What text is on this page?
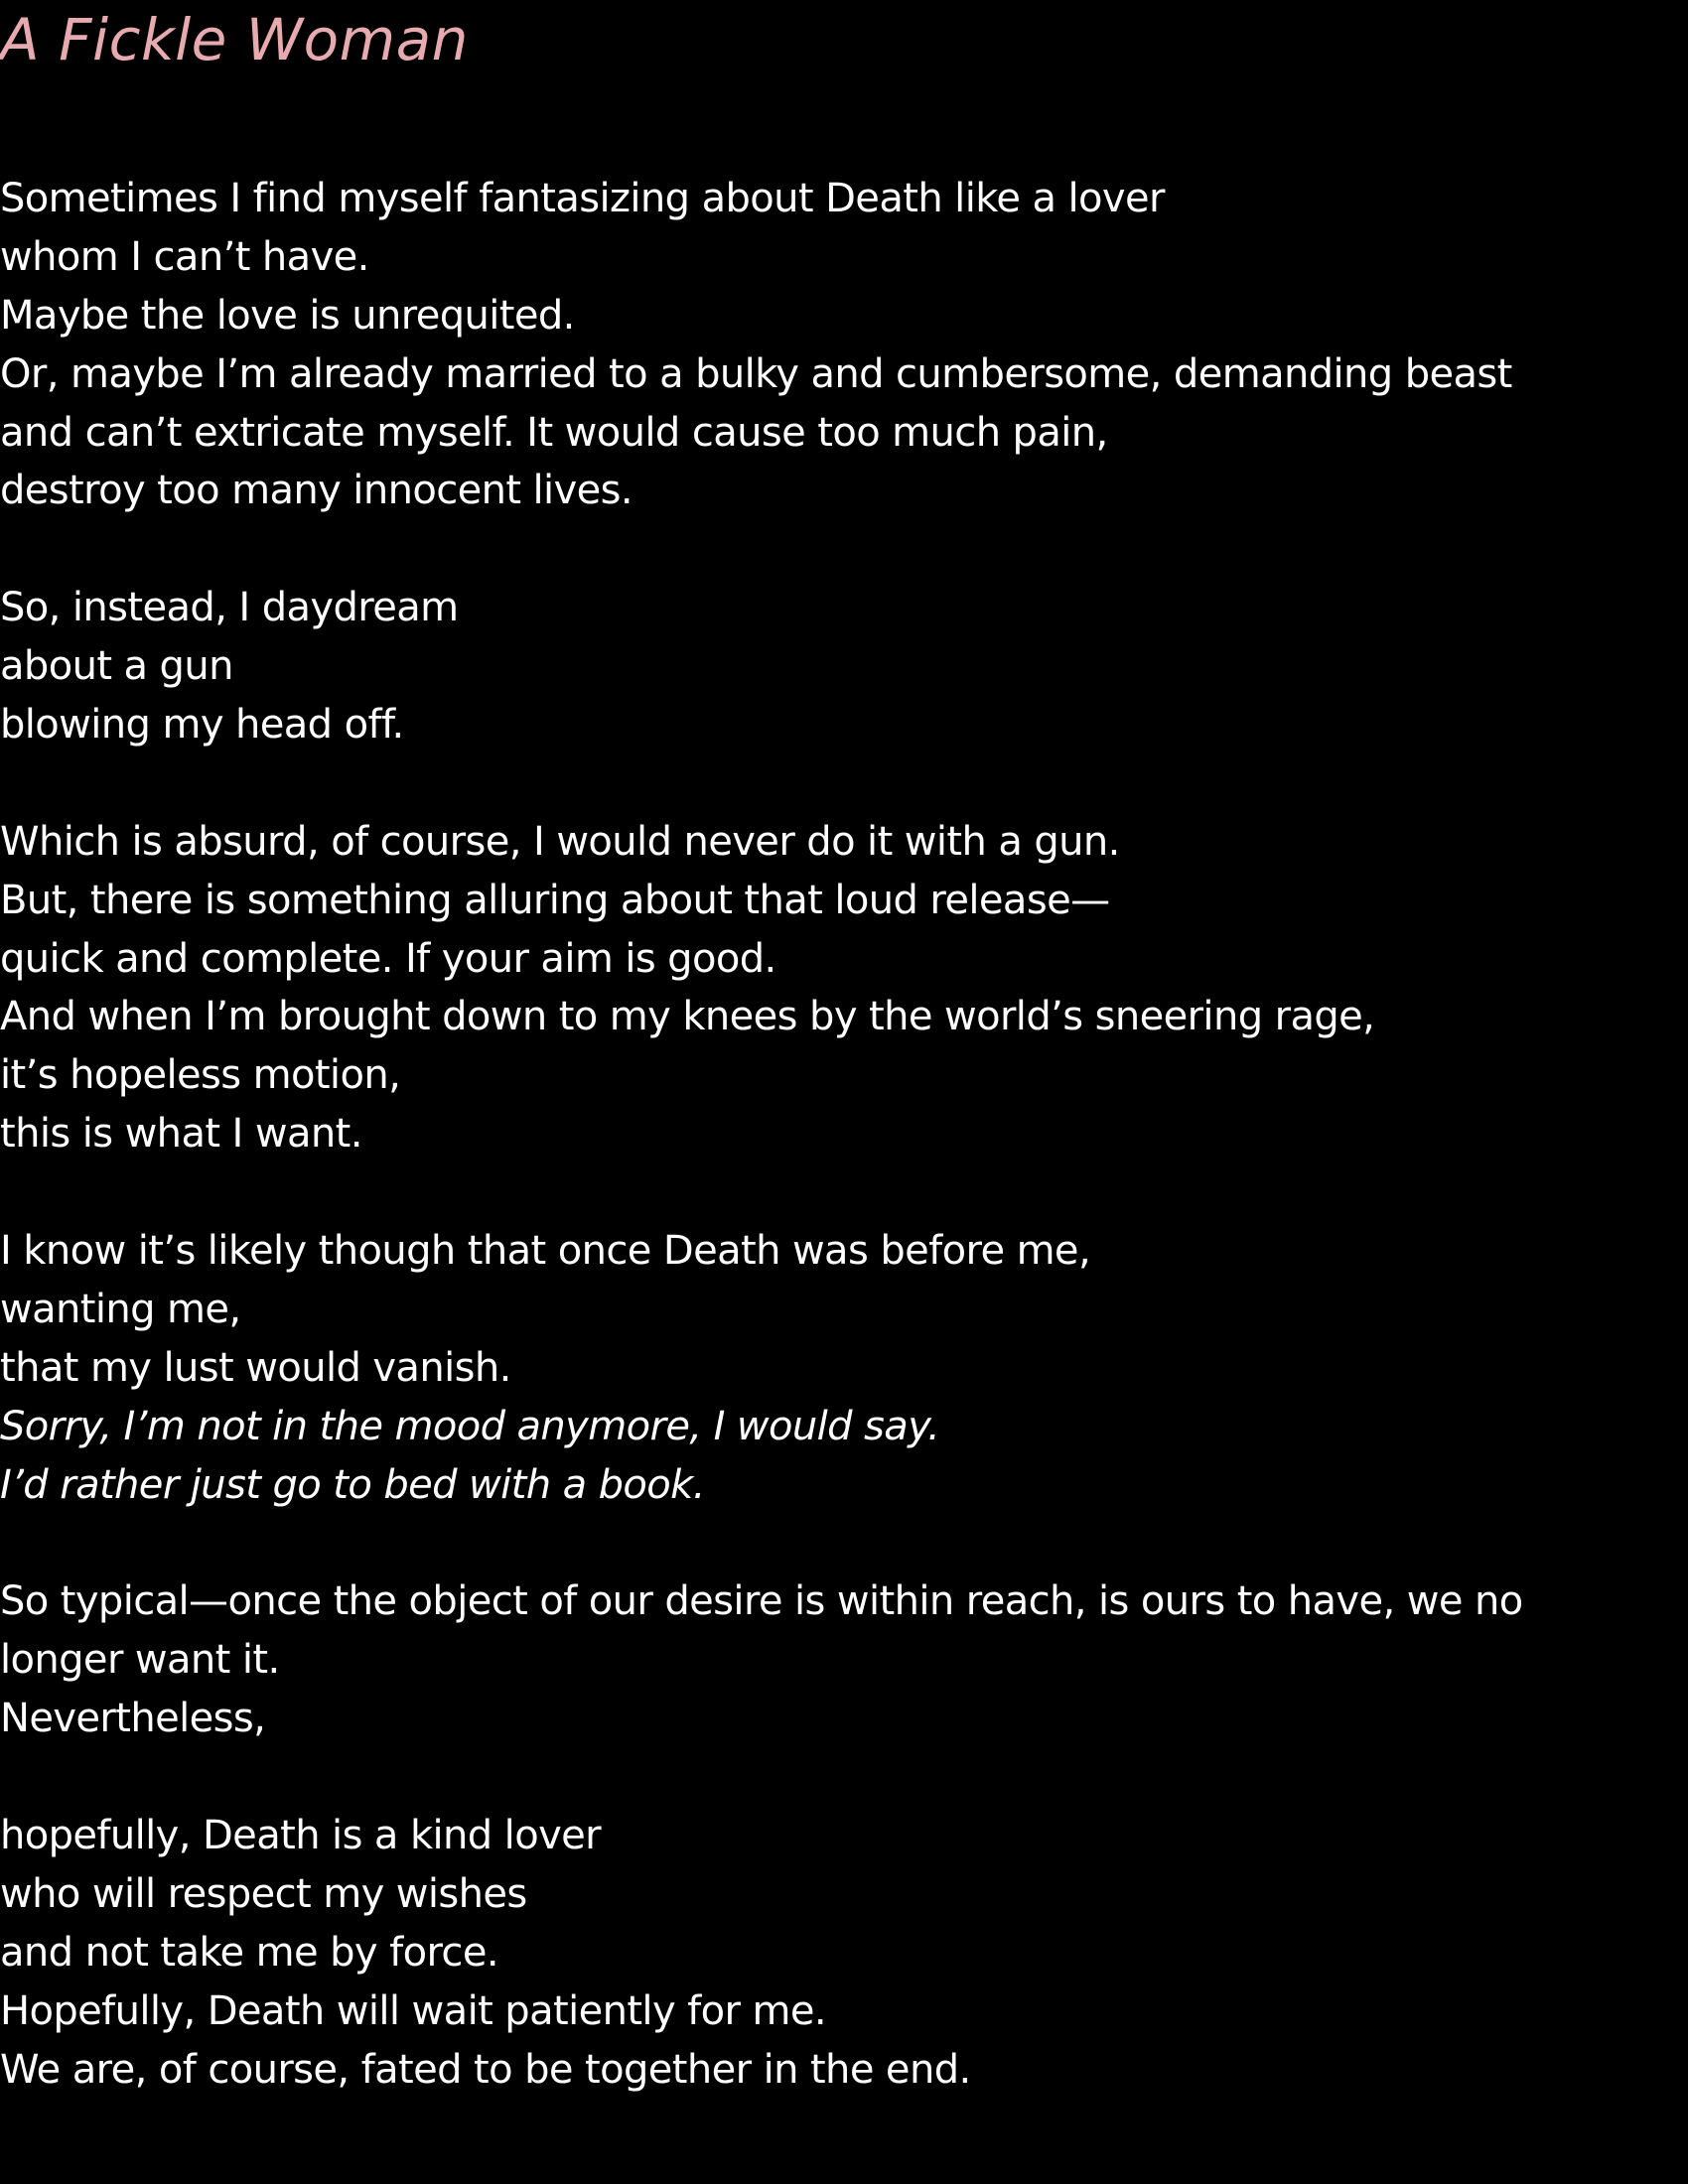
A Fickle Woman
Sometimes I find myself fantasizing about Death like a lover
whom I can’t have.
Maybe the love is unrequited.
Or, maybe I’m already married to a bulky and cumbersome, demanding beast
and can’t extricate myself. It would cause too much pain,
destroy too many innocent lives.
So, instead, I daydream
about a gun
blowing my head off.
Which is absurd, of course, I would never do it with a gun.
But, there is something alluring about that loud release—
quick and complete. If your aim is good.
And when I’m brought down to my knees by the world’s sneering rage,
it’s hopeless motion,
this is what I want.
I know it’s likely though that once Death was before me,
wanting me,
that my lust would vanish.
Sorry, I’m not in the mood anymore, I would say.
I’d rather just go to bed with a book.
So typical—once the object of our desire is within reach, is ours to have, we no
longer want it.
Nevertheless,
hopefully, Death is a kind lover
who will respect my wishes
and not take me by force.
Hopefully, Death will wait patiently for me.
We are, of course, fated to be together in the end.
